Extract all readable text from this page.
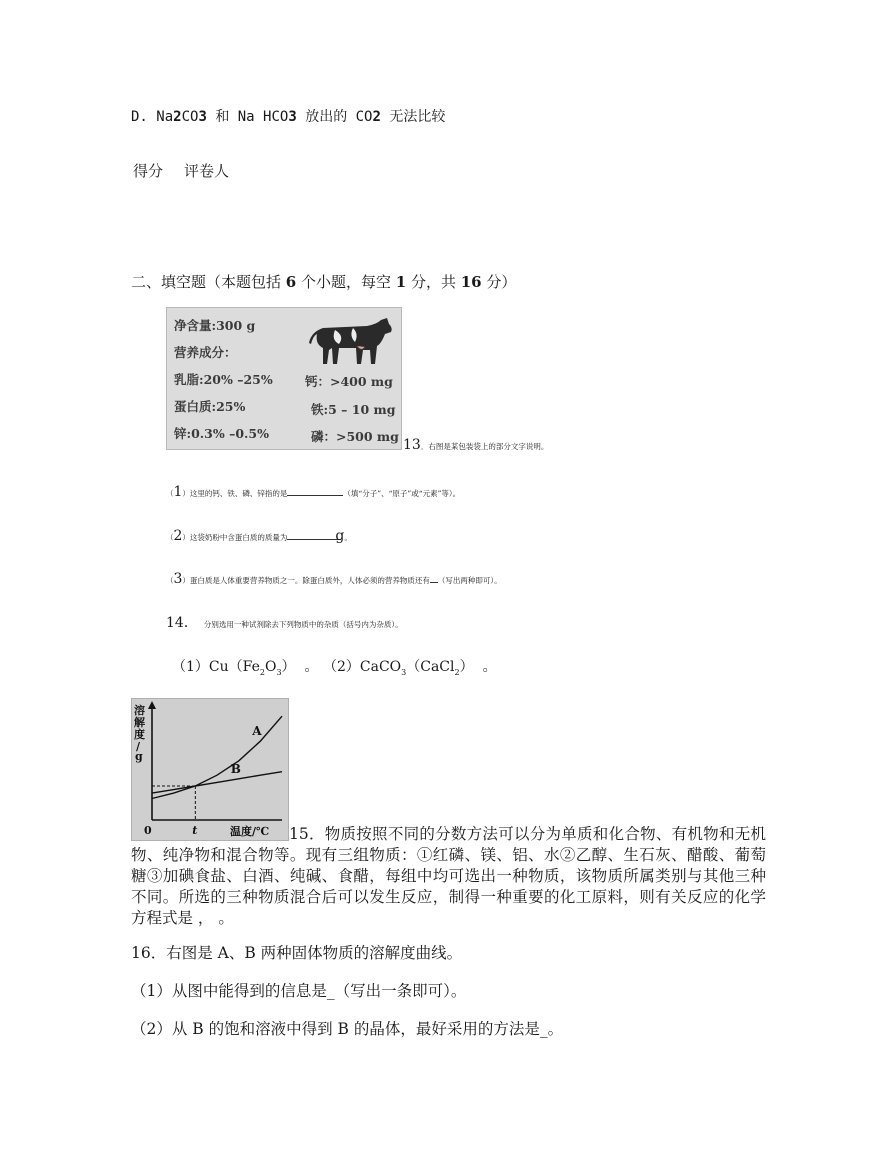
D. Na2CO3 和 Na HCO3 放出的 CO2 无法比较
得分 评卷人
二、填空题（本题包括 6 个小题，每空 1 分，共 16 分）
净含量:300 g
营养成分：
乳脂:20% –25%	钙：>400 mg
蛋白质:25%	铁:5 – 10 mg
锌:0.3% –0.5%	磷：>500 mg
13．右图是某包装袋上的部分文字说明。
（1）这里的钙、铁、磷、锌指的是	（填“分子”、“原子”或“元素”等）。
（2）这袋奶粉中含蛋白质的质量为	g。
（3）蛋白质是人体重要营养物质之一。除蛋白质外，人体必须的营养物质还有 （写出两种即可）。
14． 分别选用一种试剂除去下列物质中的杂质（括号内为杂质）。
$(1)Cu(Fe_2O_3)$ 。 （2）CaCO$_3$（CaCl$_2$） 。
A
B
t
溶解度/ g
0	温度/℃	15．物质按照不同的分数方法可以分为单质和化合物、有机物和无机物、纯净物和混合物等。现有三组物质：①红磷、镁、铝、水②乙醇、生石灰、醋酸、葡萄糖③加碘食盐、白酒、纯碱、食醋，每组中均可选出一种物质，该物质所属类别与其他三种不同。所选的三种物质混合后可以发生反应，制得一种重要的化工原料，则有关反应的化学方程式是 ， 。
16．右图是 A、B 两种固体物质的溶解度曲线。
（1）从图中能得到的信息是_（写出一条即可）。
（2）从 B 的饱和溶液中得到 B 的晶体，最好采用的方法是_。
